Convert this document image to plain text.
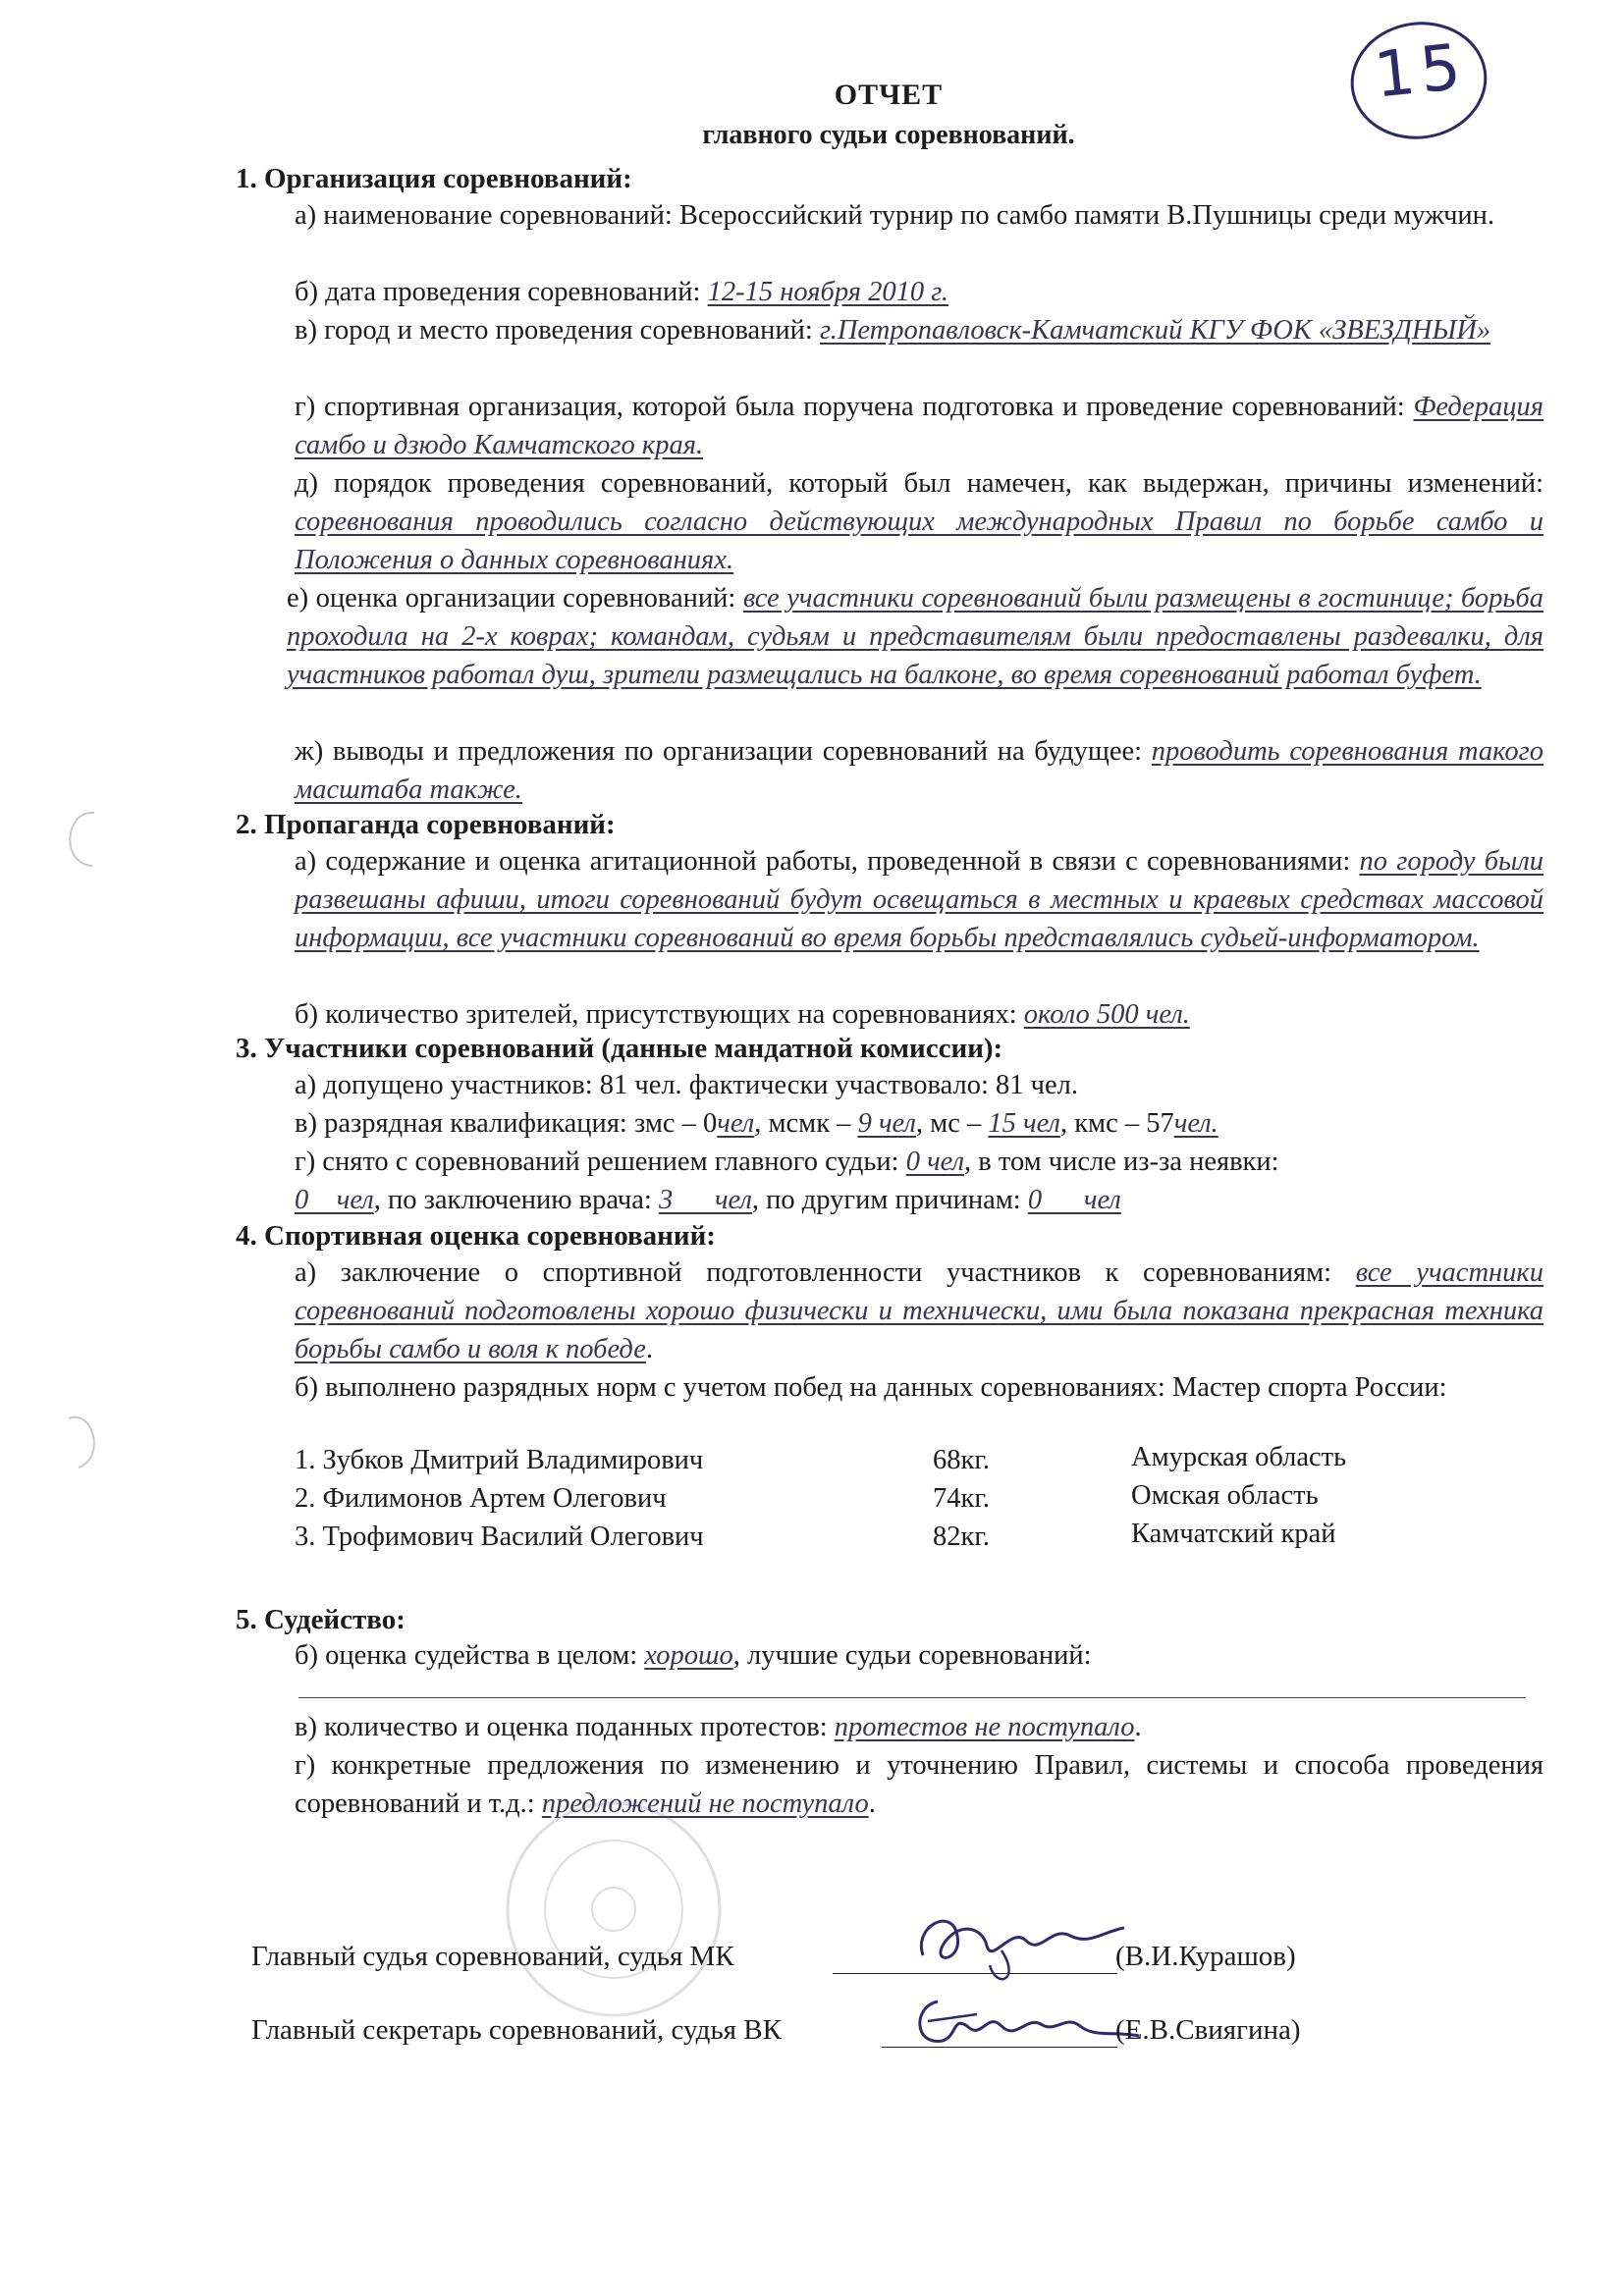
15
ОТЧЕТ
главного судьи соревнований.
1. Организация соревнований:
а) наименование соревнований: Всероссийский турнир по самбо памяти В.Пушницы среди мужчин.
б) дата проведения соревнований: 12-15 ноября 2010 г.
в) город и место проведения соревнований: г.Петропавловск-Камчатский КГУ ФОК «ЗВЕЗДНЫЙ»
г) спортивная организация, которой была поручена подготовка и проведение соревнований: Федерация самбо и дзюдо Камчатского края.
д) порядок проведения соревнований, который был намечен, как выдержан, причины изменений: соревнования проводились согласно действующих международных Правил по борьбе самбо и Положения о данных соревнованиях.
е) оценка организации соревнований: все участники соревнований были размещены в гостинице; борьба проходила на 2-х коврах; командам, судьям и представителям были предоставлены раздевалки, для участников работал душ, зрители размещались на балконе, во время соревнований работал буфет.
ж) выводы и предложения по организации соревнований на будущее: проводить соревнования такого масштаба также.
2. Пропаганда соревнований:
а) содержание и оценка агитационной работы, проведенной в связи с соревнованиями: по городу были развешаны афиши, итоги соревнований будут освещаться в местных и краевых средствах массовой информации, все участники соревнований во время борьбы представлялись судьей-информатором.
б) количество зрителей, присутствующих на соревнованиях: около 500 чел.
3. Участники соревнований (данные мандатной комиссии):
а) допущено участников: 81 чел. фактически участвовало: 81 чел.
в) разрядная квалификация: змс – 0чел, мсмк – 9 чел, мс – 15 чел, кмс – 57чел.
г) снято с соревнований решением главного судьи: 0 чел, в том числе из-за неявки:
0    чел, по заключению врача: 3      чел, по другим причинам: 0      чел
4. Спортивная оценка соревнований:
а) заключение о спортивной подготовленности участников к соревнованиям: все участники соревнований подготовлены хорошо физически и технически, ими была показана прекрасная техника борьбы самбо и воля к победе.
б) выполнено разрядных норм с учетом побед на данных соревнованиях: Мастер спорта России:
1. Зубков Дмитрий Владимирович	68кг.	Амурская область
2. Филимонов Артем Олегович	74кг.	Омская область
3. Трофимович Василий Олегович	82кг.	Камчатский край
5. Судейство:
б) оценка судейства в целом: хорошо, лучшие судьи соревнований:
в) количество и оценка поданных протестов: протестов не поступало.
г) конкретные предложения по изменению и уточнению Правил, системы и способа проведения соревнований и т.д.: предложений не поступало.
Главный судья соревнований, судья МК	(В.И.Курашов)
Главный секретарь соревнований, судья ВК	(Е.В.Свиягина)
